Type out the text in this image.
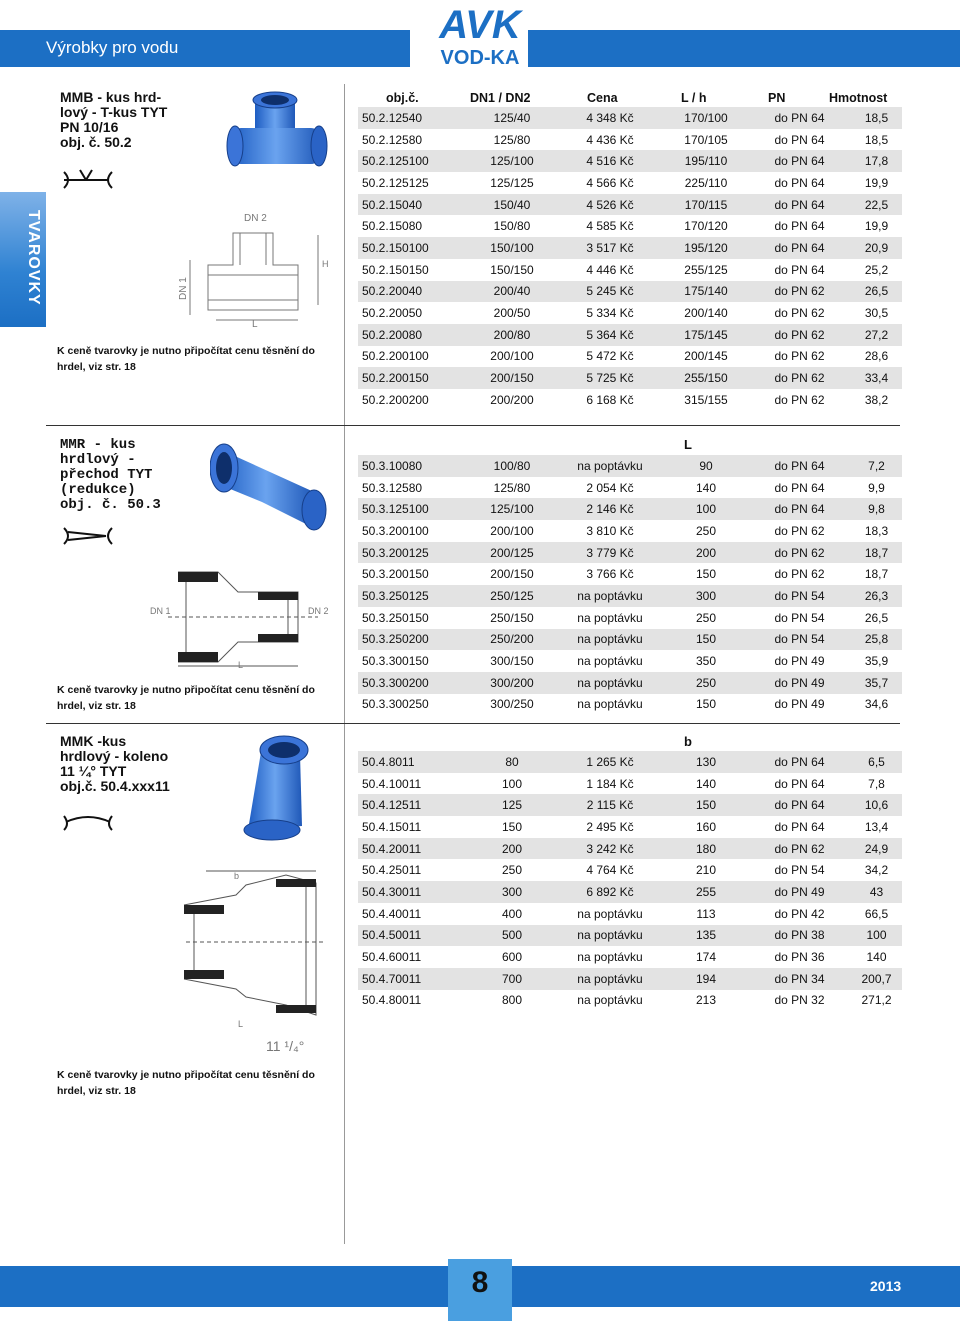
Výrobky pro vodu
AVK
VOD-KA
TVAROVKY
MMB - kus hrd-
lový - T-kus TYT
PN 10/16
obj. č. 50.2
DN 2
DN 1
L
H
K ceně tvarovky je nutno připočítat cenu těsnění do hrdel, viz str. 18
obj.č.	DN1 / DN2	Cena	L / h	PN	Hmotnost
50.2.12540	125/40	4 348 Kč	170/100	do PN 64	18,5
50.2.12580	125/80	4 436 Kč	170/105	do PN 64	18,5
50.2.125100	125/100	4 516 Kč	195/110	do PN 64	17,8
50.2.125125	125/125	4 566 Kč	225/110	do PN 64	19,9
50.2.15040	150/40	4 526 Kč	170/115	do PN 64	22,5
50.2.15080	150/80	4 585 Kč	170/120	do PN 64	19,9
50.2.150100	150/100	3 517 Kč	195/120	do PN 64	20,9
50.2.150150	150/150	4 446 Kč	255/125	do PN 64	25,2
50.2.20040	200/40	5 245 Kč	175/140	do PN 62	26,5
50.2.20050	200/50	5 334 Kč	200/140	do PN 62	30,5
50.2.20080	200/80	5 364 Kč	175/145	do PN 62	27,2
50.2.200100	200/100	5 472 Kč	200/145	do PN 62	28,6
50.2.200150	200/150	5 725 Kč	255/150	do PN 62	33,4
50.2.200200	200/200	6 168 Kč	315/155	do PN 62	38,2
MMR - kus
hrdlový -
přechod TYT
(redukce)
obj. č. 50.3
DN 1	DN 2
L
K ceně tvarovky je nutno připočítat cenu těsnění do hrdel, viz str. 18
L
50.3.10080	100/80	na poptávku	90	do PN 64	7,2
50.3.12580	125/80	2 054 Kč	140	do PN 64	9,9
50.3.125100	125/100	2 146 Kč	100	do PN 64	9,8
50.3.200100	200/100	3 810 Kč	250	do PN 62	18,3
50.3.200125	200/125	3 779 Kč	200	do PN 62	18,7
50.3.200150	200/150	3 766 Kč	150	do PN 62	18,7
50.3.250125	250/125	na poptávku	300	do PN 54	26,3
50.3.250150	250/150	na poptávku	250	do PN 54	26,5
50.3.250200	250/200	na poptávku	150	do PN 54	25,8
50.3.300150	300/150	na poptávku	350	do PN 49	35,9
50.3.300200	300/200	na poptávku	250	do PN 49	35,7
50.3.300250	300/250	na poptávku	150	do PN 49	34,6
MMK -kus
hrdlový - koleno
11 ¼° TYT
obj.č. 50.4.xxx11
b
L
11 ¹/₄°
K ceně tvarovky je nutno připočítat cenu těsnění do hrdel, viz str. 18
b
50.4.8011	80	1 265 Kč	130	do PN 64	6,5
50.4.10011	100	1 184 Kč	140	do PN 64	7,8
50.4.12511	125	2 115 Kč	150	do PN 64	10,6
50.4.15011	150	2 495 Kč	160	do PN 64	13,4
50.4.20011	200	3 242 Kč	180	do PN 62	24,9
50.4.25011	250	4 764 Kč	210	do PN 54	34,2
50.4.30011	300	6 892 Kč	255	do PN 49	43
50.4.40011	400	na poptávku	113	do PN 42	66,5
50.4.50011	500	na poptávku	135	do PN 38	100
50.4.60011	600	na poptávku	174	do PN 36	140
50.4.70011	700	na poptávku	194	do PN 34	200,7
50.4.80011	800	na poptávku	213	do PN 32	271,2
8	2013
